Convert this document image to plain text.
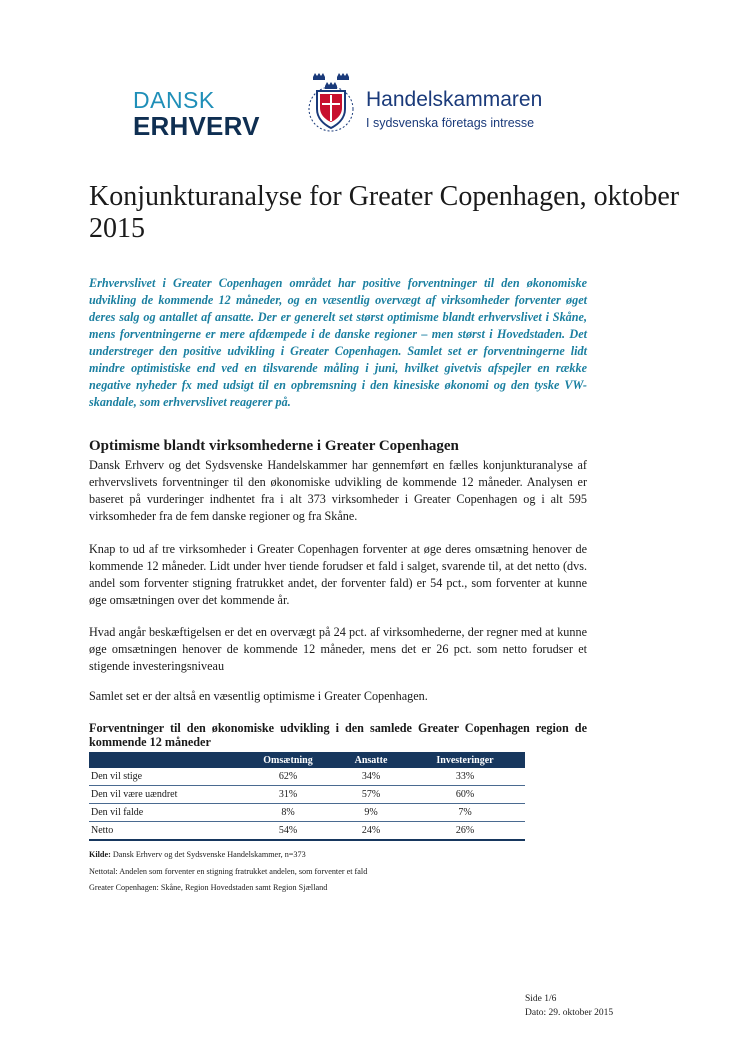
DANSK
ERHVERV
Handelskammaren
I sydsvenska företags intresse
Konjunkturanalyse for Greater Copenhagen, oktober 2015
Erhvervslivet i Greater Copenhagen området har positive forventninger til den økonomiske udvikling de kommende 12 måneder, og en væsentlig overvægt af virksomheder forventer øget deres salg og antallet af ansatte. Der er generelt set størst optimisme blandt erhvervslivet i Skåne, mens forventningerne er mere afdæmpede i de danske regioner – men størst i Hovedstaden. Det understreger den positive udvikling i Greater Copenhagen. Samlet set er forventningerne lidt mindre optimistiske end ved en tilsvarende måling i juni, hvilket givetvis afspejler en række negative nyheder fx med udsigt til en opbremsning i den kinesiske økonomi og den tyske VW-skandale, som erhvervslivet reagerer på.
Optimisme blandt virksomhederne i Greater Copenhagen
Dansk Erhverv og det Sydsvenske Handelskammer har gennemført en fælles konjunkturanalyse af erhvervslivets forventninger til den økonomiske udvikling de kommende 12 måneder. Analysen er baseret på vurderinger indhentet fra i alt 373 virksomheder i Greater Copenhagen og i alt 595 virksomheder fra de fem danske regioner og fra Skåne.
Knap to ud af tre virksomheder i Greater Copenhagen forventer at øge deres omsætning henover de kommende 12 måneder. Lidt under hver tiende forudser et fald i salget, svarende til, at det netto (dvs. andel som forventer stigning fratrukket andet, der forventer fald) er 54 pct., som forventer at kunne øge omsætningen over det kommende år.
Hvad angår beskæftigelsen er det en overvægt på 24 pct. af virksomhederne, der regner med at kunne øge omsætningen henover de kommende 12 måneder, mens det er 26 pct. som netto forudser et stigende investeringsniveau
Samlet set er der altså en væsentlig optimisme i Greater Copenhagen.
Forventninger til den økonomiske udvikling i den samlede Greater Copenhagen region de kommende 12 måneder
	Omsætning	Ansatte	Investeringer
Den vil stige	62%	34%	33%
Den vil være uændret	31%	57%	60%
Den vil falde	8%	9%	7%
Netto	54%	24%	26%
Kilde: Dansk Erhverv og det Sydsvenske Handelskammer, n=373
Nettotal: Andelen som forventer en stigning fratrukket andelen, som forventer et fald
Greater Copenhagen: Skåne, Region Hovedstaden samt Region Sjælland
Side 1/6
Dato: 29. oktober 2015
